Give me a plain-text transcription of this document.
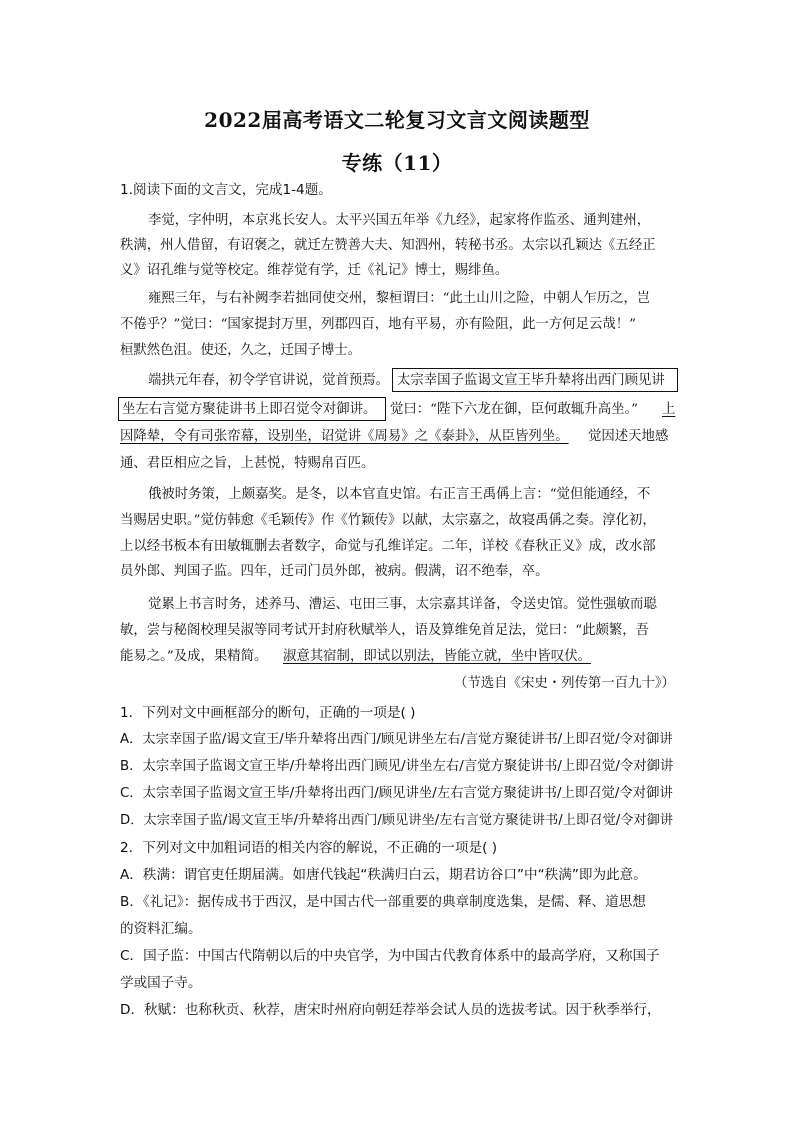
2022届高考语文二轮复习文言文阅读题型
专练（11）
1.阅读下面的文言文，完成1-4题。
李觉，字仲明，本京兆长安人。太平兴国五年举《九经》，起家将作监丞、通判建州，
秩满，州人借留，有诏褒之，就迁左赞善大夫、知泗州，转秘书丞。太宗以孔颖达《五经正
义》诏孔维与觉等校定。维荐觉有学，迁《礼记》博士，赐绯鱼。
雍熙三年，与右补阙李若拙同使交州，黎桓谓曰：“此土山川之险，中朝人乍历之，岂
不倦乎？”觉曰：“国家提封万里，列郡四百，地有平易，亦有险阻，此一方何足云哉！”
桓默然色沮。使还，久之，迁国子博士。
端拱元年春，初令学官讲说，觉首预焉。 太宗幸国子监谒文宣王毕升辇将出西门顾见讲
坐左右言觉方聚徒讲书上即召觉令对御讲。 觉曰：“陛下六龙在御，臣何敢辄升高坐。” 上
因降辇，令有司张帟幕，设别坐，诏觉讲《周易》之《泰卦》，从臣皆列坐。 觉因述天地感
通、君臣相应之旨，上甚悦，特赐帛百匹。
俄被时务策，上颇嘉奖。是冬，以本官直史馆。右正言王禹偁上言：“觉但能通经，不
当赐居史职。”觉仿韩愈《毛颖传》作《竹颖传》以献，太宗嘉之，故寝禹偁之奏。淳化初，
上以经书板本有田敏辄删去者数字，命觉与孔维详定。二年，详校《春秋正义》成，改水部
员外郎、判国子监。四年，迁司门员外郎，被病。假满，诏不绝奉，卒。
觉累上书言时务，述养马、漕运、屯田三事，太宗嘉其详备，令送史馆。觉性强敏而聪
敏，尝与秘阁校理吴淑等同考试开封府秋赋举人，语及算维免首足法，觉曰：“此颇繁，吾
能易之。”及成，果精简。 淑意其宿制，即试以别法，皆能立就，坐中皆叹伏。
（节选自《宋史・列传第一百九十》）
1．下列对文中画框部分的断句，正确的一项是( )
A．太宗幸国子监/谒文宣王/毕升辇将出西门/顾见讲坐左右/言觉方聚徒讲书/上即召觉/令对御讲
B．太宗幸国子监谒文宣王毕/升辇将出西门顾见/讲坐左右/言觉方聚徒讲书/上即召觉/令对御讲
C．太宗幸国子监谒文宣王毕/升辇将出西门/顾见讲坐/左右言觉方聚徒讲书/上即召觉/令对御讲
D．太宗幸国子监/谒文宣王毕/升辇将出西门/顾见讲坐/左右言觉方聚徒讲书/上即召觉/令对御讲
2．下列对文中加粗词语的相关内容的解说，不正确的一项是( )
A．秩满：谓官吏任期届满。如唐代钱起“秩满归白云，期君访谷口”中“秩满”即为此意。
B．《礼记》：据传成书于西汉，是中国古代一部重要的典章制度选集，是儒、释、道思想
的资料汇编。
C．国子监：中国古代隋朝以后的中央官学，为中国古代教育体系中的最高学府，又称国子
学或国子寺。
D．秋赋：也称秋贡、秋荐，唐宋时州府向朝廷荐举会试人员的选拔考试。因于秋季举行，
